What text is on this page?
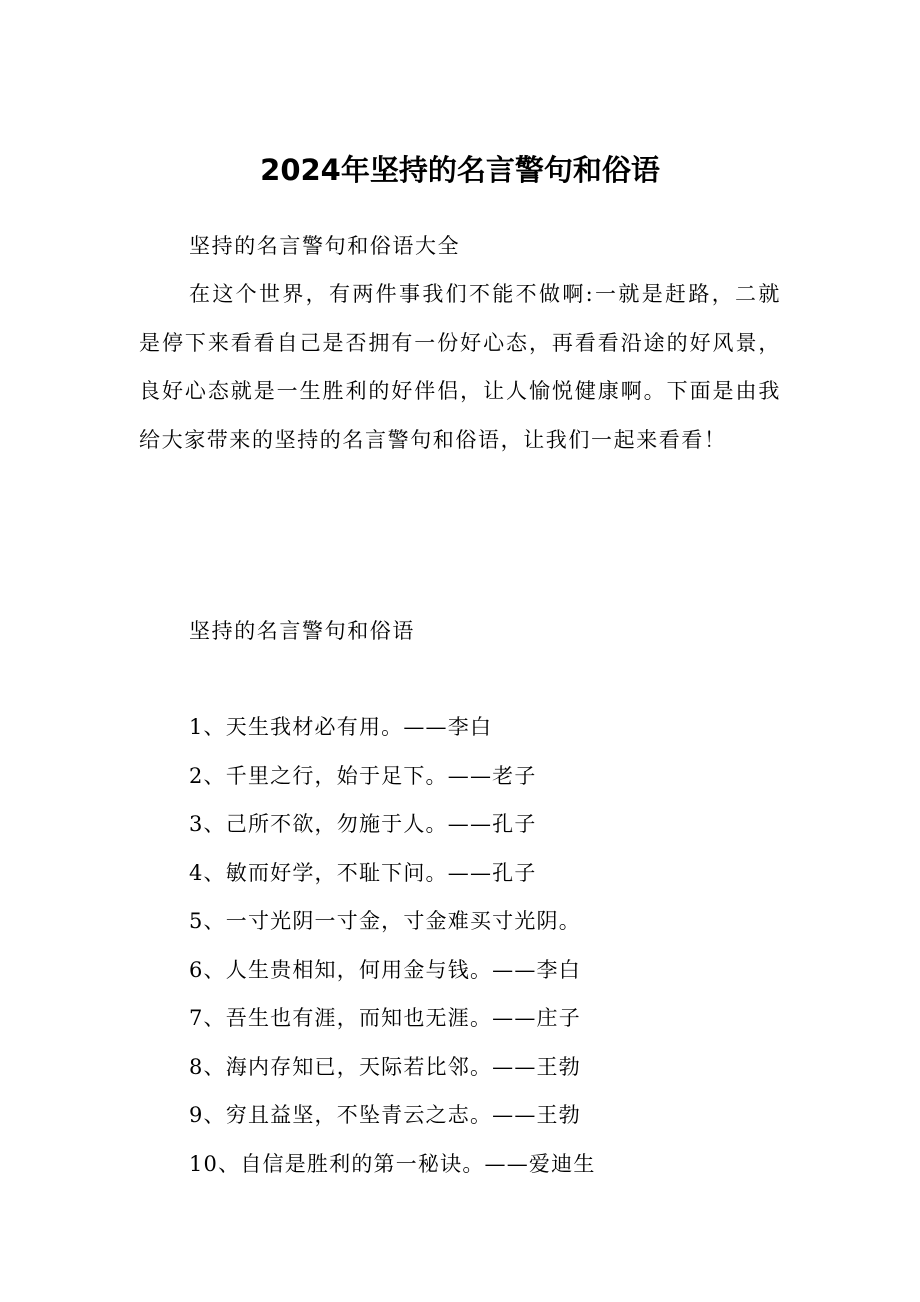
2024年坚持的名言警句和俗语
坚持的名言警句和俗语大全
在这个世界，有两件事我们不能不做啊:一就是赶路，二就是停下来看看自己是否拥有一份好心态，再看看沿途的好风景，良好心态就是一生胜利的好伴侣，让人愉悦健康啊。下面是由我给大家带来的坚持的名言警句和俗语，让我们一起来看看！
坚持的名言警句和俗语
1、天生我材必有用。——李白
2、千里之行，始于足下。——老子
3、己所不欲，勿施于人。——孔子
4、敏而好学，不耻下问。——孔子
5、一寸光阴一寸金，寸金难买寸光阴。
6、人生贵相知，何用金与钱。——李白
7、吾生也有涯，而知也无涯。——庄子
8、海内存知已，天际若比邻。——王勃
9、穷且益坚，不坠青云之志。——王勃
10、自信是胜利的第一秘诀。——爱迪生
